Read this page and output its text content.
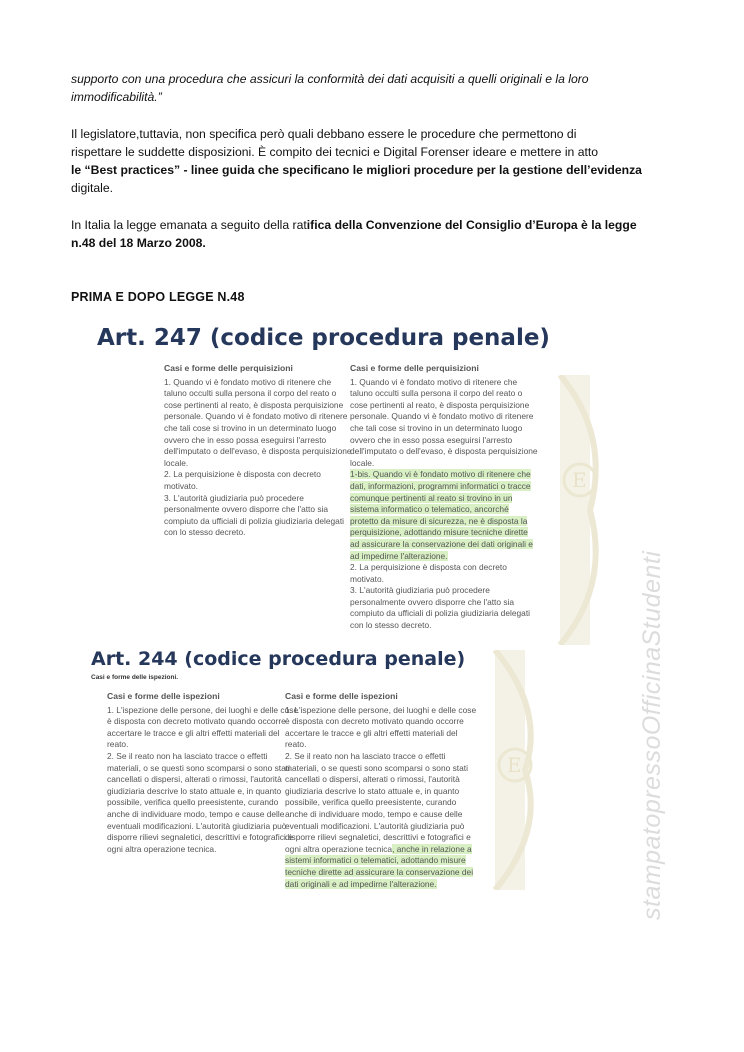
supporto con una procedura che assicuri la conformità dei dati acquisiti a quelli originali e la loro
immodificabilità.”
Il legislatore,tuttavia, non specifica però quali debbano essere le procedure che permettono di
rispettare le suddette disposizioni. È compito dei tecnici e Digital Forenser ideare e mettere in atto
le “Best practices” - linee guida che specificano le migliori procedure per la gestione dell’evidenza
digitale.
In Italia la legge emanata a seguito della ratifica della Convenzione del Consiglio d’Europa è la legge
n.48 del 18 Marzo 2008.
PRIMA E DOPO LEGGE N.48
E
E
Art. 247 (codice procedura penale)
Casi e forme delle perquisizioni
1. Quando vi è fondato motivo di ritenere che
taluno occulti sulla persona il corpo del reato o
cose pertinenti al reato, è disposta perquisizione
personale. Quando vi è fondato motivo di ritenere
che tali cose si trovino in un determinato luogo
ovvero che in esso possa eseguirsi l'arresto
dell'imputato o dell'evaso, è disposta perquisizione
locale.
2. La perquisizione è disposta con decreto
motivato.
3. L'autorità giudiziaria può procedere
personalmente ovvero disporre che l'atto sia
compiuto da ufficiali di polizia giudiziaria delegati
con lo stesso decreto.
Casi e forme delle perquisizioni
1. Quando vi è fondato motivo di ritenere che
taluno occulti sulla persona il corpo del reato o
cose pertinenti al reato, è disposta perquisizione
personale. Quando vi è fondato motivo di ritenere
che tali cose si trovino in un determinato luogo
ovvero che in esso possa eseguirsi l'arresto
dell'imputato o dell'evaso, è disposta perquisizione
locale.
1-bis. Quando vi è fondato motivo di ritenere che
dati, informazioni, programmi informatici o tracce
comunque pertinenti al reato si trovino in un
sistema informatico o telematico, ancorché
protetto da misure di sicurezza, ne è disposta la
perquisizione, adottando misure tecniche dirette
ad assicurare la conservazione dei dati originali e
ad impedirne l'alterazione.
2. La perquisizione è disposta con decreto
motivato.
3. L'autorità giudiziaria può procedere
personalmente ovvero disporre che l'atto sia
compiuto da ufficiali di polizia giudiziaria delegati
con lo stesso decreto.
Art. 244 (codice procedura penale)
Casi e forme delle ispezioni.
Casi e forme delle ispezioni
1. L'ispezione delle persone, dei luoghi e delle cose
è disposta con decreto motivato quando occorre
accertare le tracce e gli altri effetti materiali del
reato.
2. Se il reato non ha lasciato tracce o effetti
materiali, o se questi sono scomparsi o sono stati
cancellati o dispersi, alterati o rimossi, l'autorità
giudiziaria descrive lo stato attuale e, in quanto
possibile, verifica quello preesistente, curando
anche di individuare modo, tempo e cause delle
eventuali modificazioni. L'autorità giudiziaria può
disporre rilievi segnaletici, descrittivi e fotografici e
ogni altra operazione tecnica.
Casi e forme delle ispezioni
1. L'ispezione delle persone, dei luoghi e delle cose
è disposta con decreto motivato quando occorre
accertare le tracce e gli altri effetti materiali del
reato.
2. Se il reato non ha lasciato tracce o effetti
materiali, o se questi sono scomparsi o sono stati
cancellati o dispersi, alterati o rimossi, l'autorità
giudiziaria descrive lo stato attuale e, in quanto
possibile, verifica quello preesistente, curando
anche di individuare modo, tempo e cause delle
eventuali modificazioni. L'autorità giudiziaria può
disporre rilievi segnaletici, descrittivi e fotografici e
ogni altra operazione tecnica, anche in relazione a
sistemi informatici o telematici, adottando misure
tecniche dirette ad assicurare la conservazione dei
dati originali e ad impedirne l'alterazione.	stampatopressoOfficinaStudenti
